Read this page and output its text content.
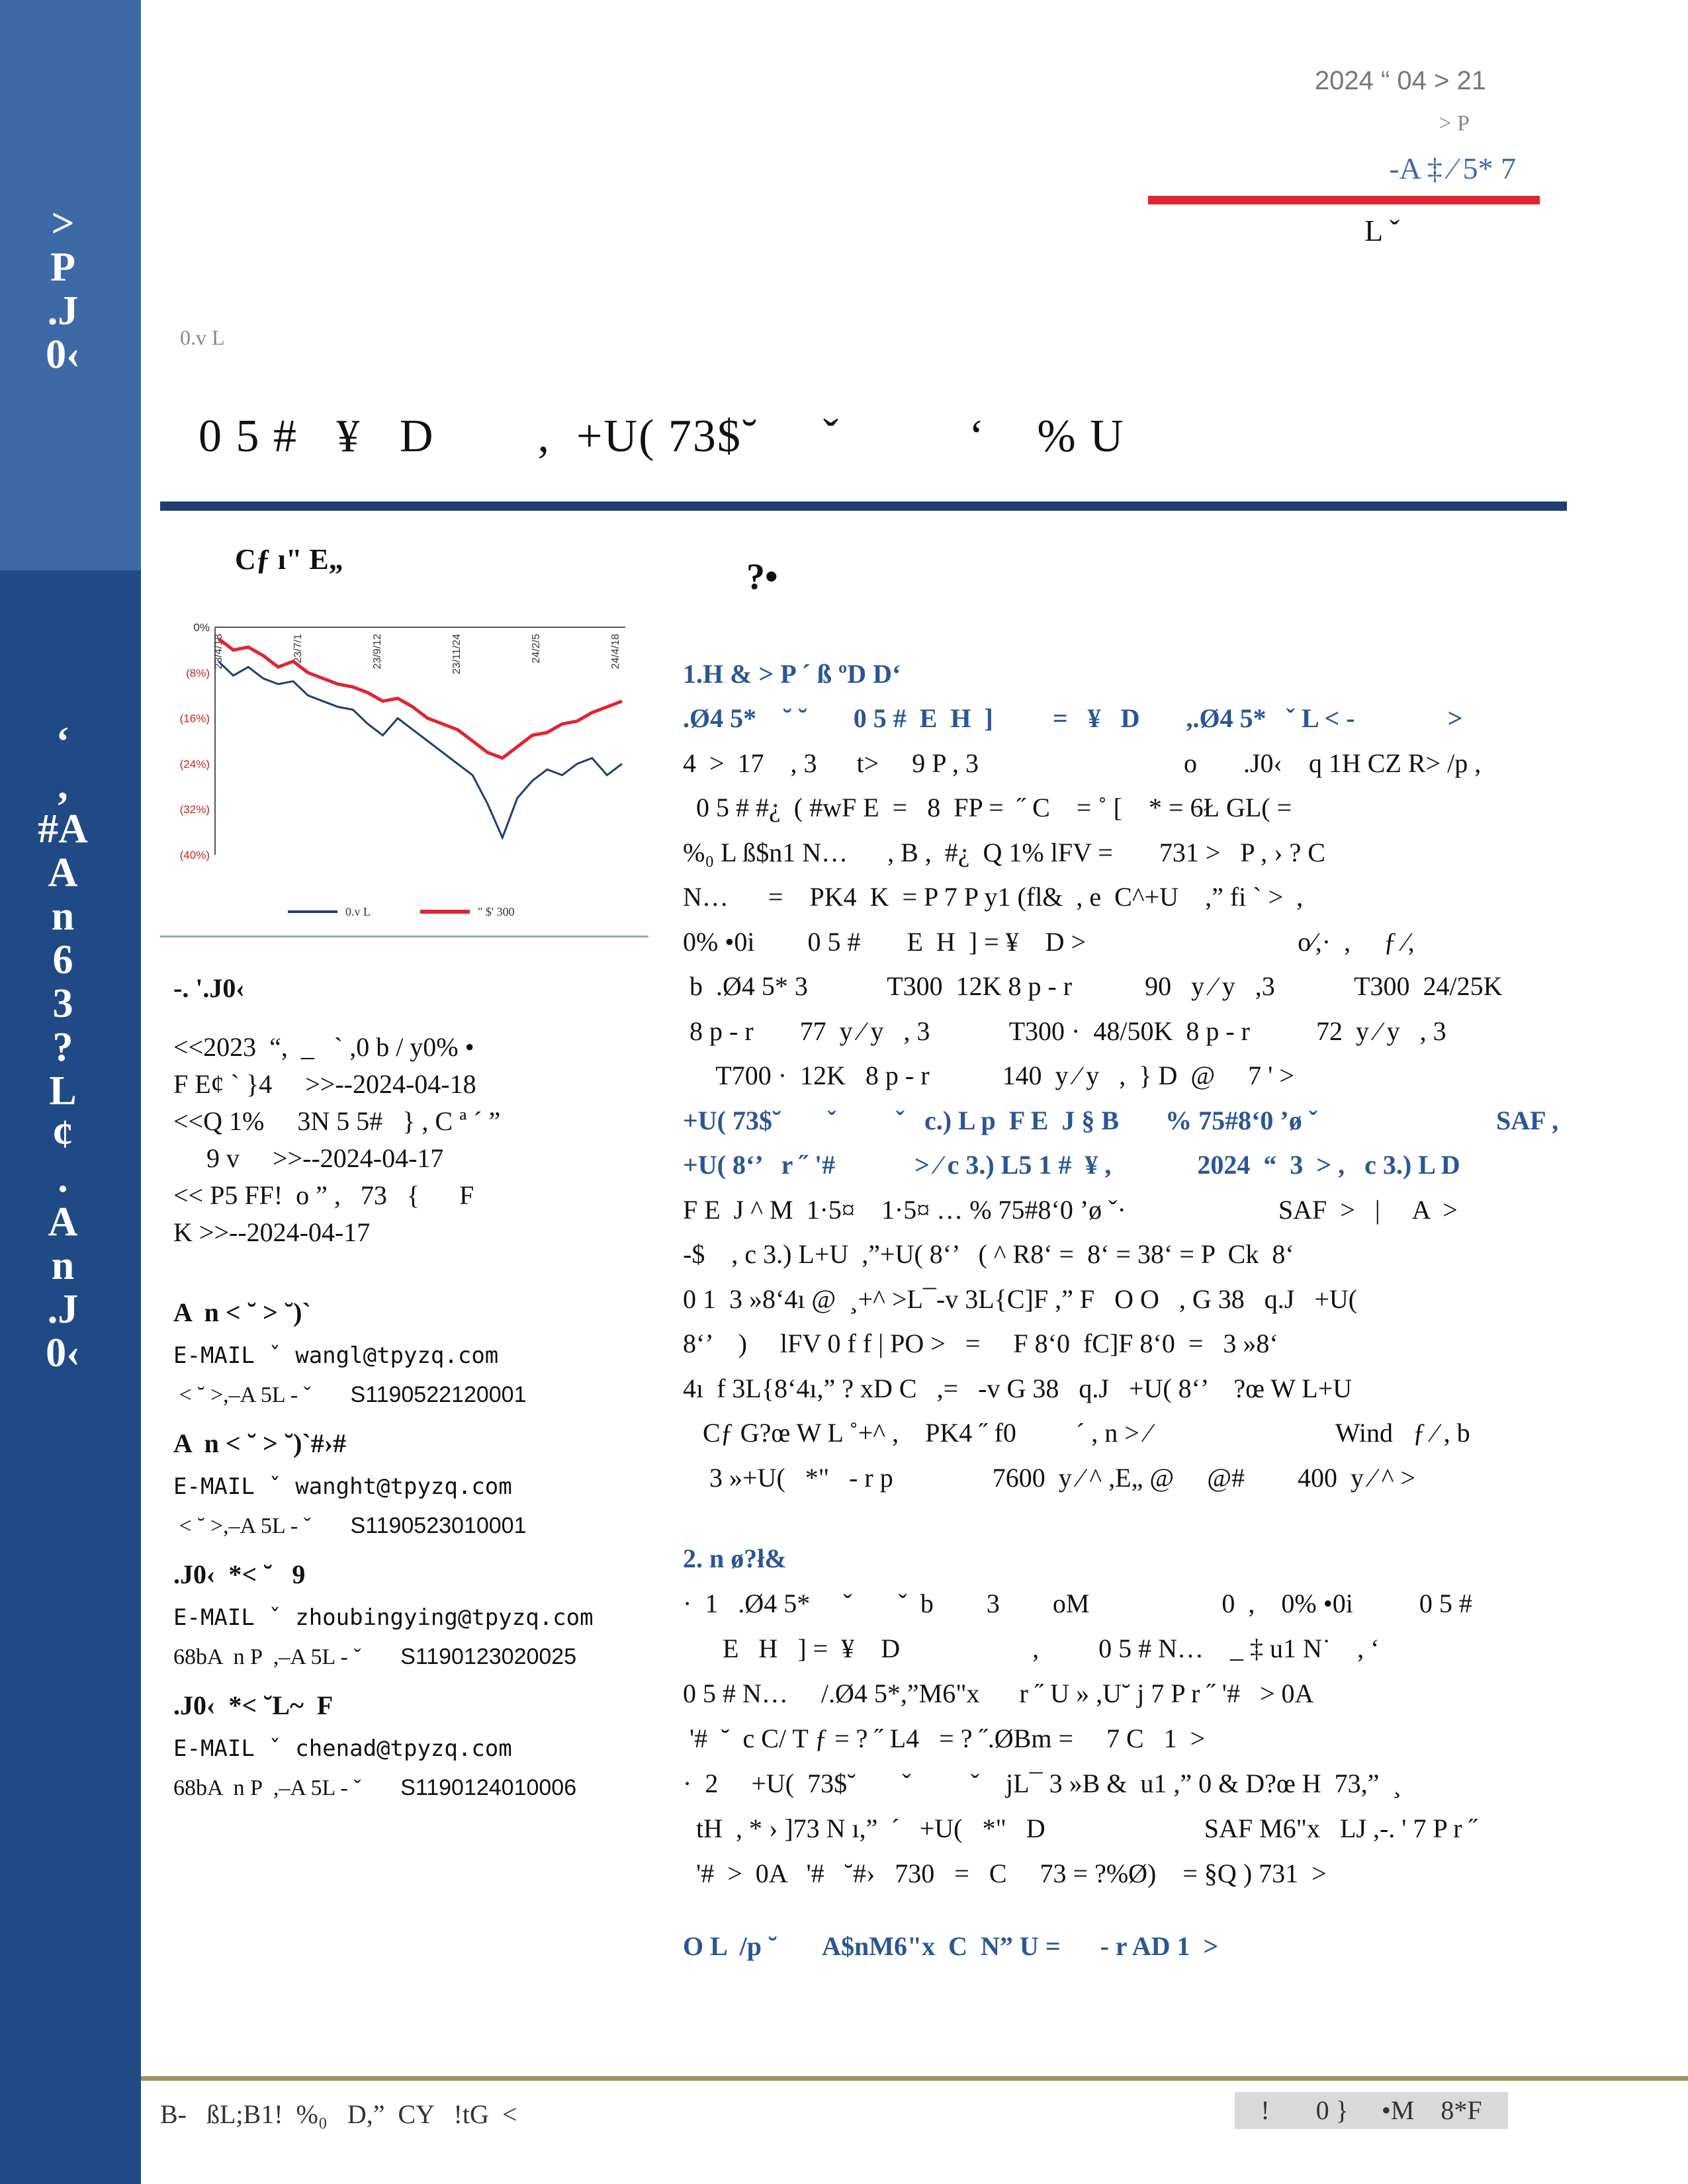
>
P
.J
0‹
‘
,
#A
A
n
6
3
?
L
¢
.
A
n
.J
0‹
2024 “ 04 > 21
> P
-A ‡ ⁄ 5* 7
L ˇ
0.v L
0 5 #   ¥   D        ,  +U( 73$˘     ˇ          ‘    % U
Cƒ ı" E„
0%
(8%)
(16%)
(24%)
(32%)
(40%)
23/4/18	23/7/1	23/9/12	23/11/24	24/2/5	24/4/18
0.v L	" $' 300
-. '.J0‹
<<2023  “,  _   ` ,0 b / y0% •
F E¢ ` }4     >>--2024-04-18
<<Q 1%     3N 5 5#   } , C ª ´ ”
9 v     >>--2024-04-17
<< P5 FF!  o ” ,   73   {      F
K >>--2024-04-17
A  n < ˘ > ˘)`
E-MAIL ˇ wangl@tpyzq.com
< ˘ >,–A 5L - ˇ       S1190522120001
A  n < ˘ > ˘)`#›#
E-MAIL ˇ wanght@tpyzq.com
< ˘ >,–A 5L - ˇ       S1190523010001
.J0‹  *< ˘   9
E-MAIL ˇ zhoubingying@tpyzq.com
68bA  n P  ,–A 5L - ˇ       S1190123020025
.J0‹  *< ˘L~  F
E-MAIL ˇ chenad@tpyzq.com
68bA  n P  ,–A 5L - ˇ       S1190124010006
?•
1.H & > P ´ ß ºD D‘
.Ø4 5*    ˘ ˘       0 5 #  E  H  ]         =   ¥   D       ,.Ø4 5*   ˇ L < -              >
4  >  17    , 3      t>     9 P , 3                               o       .J0‹    q 1H CZ R> /p ,
0 5 # #¿  ( #wF E  =   8  FP =  ˝ C    = ˚ [    * = 6Ł GL( =
%₀ L ß$n1 N…      , B ,  #¿  Q 1% lFV =       731 >   P , › ? C
N…      =    PK4  K  = P 7 P y1 (fl&  , e  C^+U    ,” fi ` >  ,
0% •0i        0 5 #       E  H  ] = ¥    D >                                o⁄,·  ,     ƒ ⁄,
b  .Ø4 5* 3            T300  12K 8 p - r           90   y ⁄ y   ,3            T300  24/25K
8 p - r       77  y ⁄ y   , 3            T300 ·  48/50K  8 p - r          72  y ⁄ y   , 3
T700 ·  12K   8 p - r           140  y ⁄ y   ,  } D  @     7 ' >
+U( 73$˘       ˇ         ˇ   c.) L p  F E  J § B       % 75#8‘0 ’ø ˇ                           SAF ,
+U( 8‘’   r ˝ '#            > ⁄ c 3.) L5 1 #  ¥ ,             2024  “  3  > ,   c 3.) L D
F E  J ^ M  1·5¤    1·5¤ … % 75#8‘0 ’ø ˇ·                       SAF  >   |     A  >
-$    , c 3.) L+U  ,”+U( 8‘’   ( ^ R8‘ =  8‘ = 38‘ = P  Ck  8‘
0 1  3 »8‘4ı @  ¸+^ >L¯-v 3L{C]F ,” F   O O   , G 38   q.J   +U(
8‘’    )     lFV 0 f f | PO >   =     F 8‘0  fC]F 8‘0  =   3 »8‘
4ı  f 3L{8‘4ı,” ? xD C   ,=   -v G 38   q.J   +U( 8‘’    ?œ W L+U
Cƒ G?œ W L ˚+^ ,    PK4 ˝ f0         ´ , n > ⁄                            Wind   ƒ ⁄ , b
3 »+U(   *"   - r p               7600  y ⁄ ^ ,E„ @     @#        400  y ⁄ ^ >
2. n ø?ł&
·  1   .Ø4 5*     ˇ       ˇ  b        3        oM                    0  ,    0% •0i          0 5 #
E   H   ] =  ¥    D                    ,         0 5 # N…    _ ‡ u1 N˙    , ‘
0 5 # N…     /.Ø4 5*,”M6"x      r ˝ U » ,U˘ j 7 P r ˝ '#   > 0A
'#  ˘  c C/ T ƒ = ? ˝ L4   = ? ˝.ØBm =     7 C   1  >
·  2     +U(  73$˘       ˇ         ˇ    jL¯ 3 »B &  u1 ,” 0 & D?œ H  73,”  ¸
tH  , * › ]73 N ı,”  ´   +U(   *"   D                        SAF M6"x   LJ ,-. ' 7 P r ˝
'#  >  0A   '#   ˘#›   730   =   C     73 = ?%Ø)    = §Q ) 731  >
O L  /p ˘       A$nM6"x  C  N” U =      - r AD 1  >
B-   ßL;B1!  %₀   D,”  CY   !tG  <	!       0 }     •M    8*F
